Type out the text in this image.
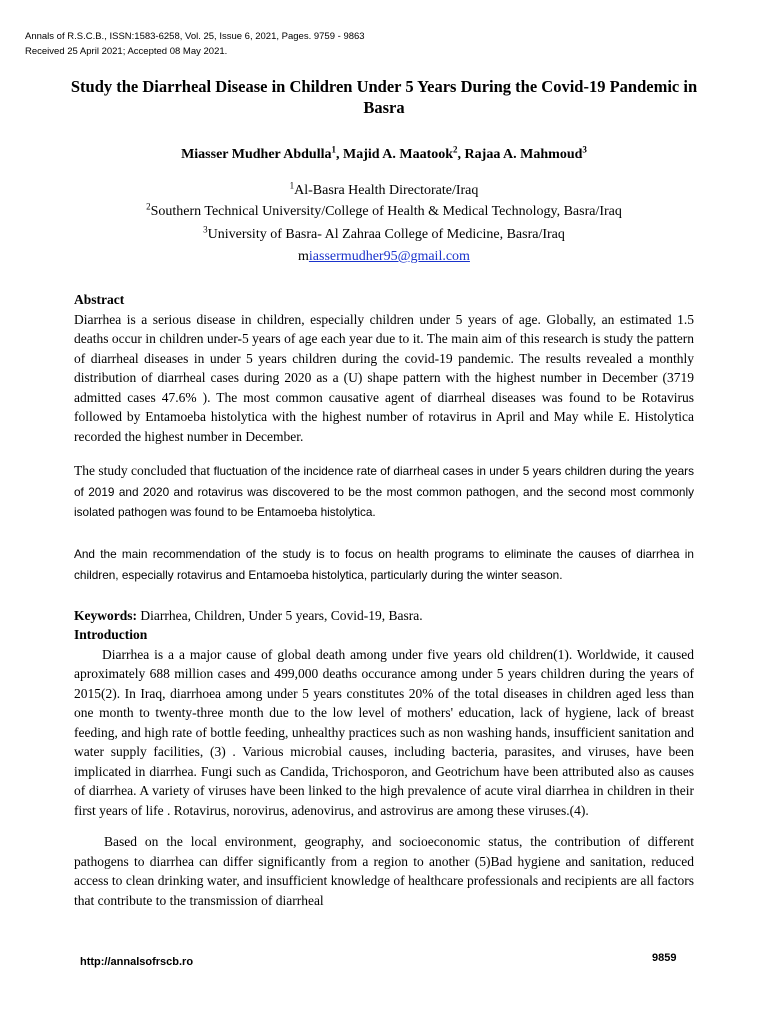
Annals of R.S.C.B., ISSN:1583-6258, Vol. 25, Issue 6, 2021, Pages. 9759 - 9863
Received 25 April 2021; Accepted 08 May 2021.
Study the Diarrheal Disease in Children Under 5 Years During the Covid-19 Pandemic in Basra
Miasser Mudher Abdulla$^1$, Majid A. Maatook$^2$, Rajaa A. Mahmoud$^3$
$^1$Al-Basra Health Directorate/Iraq
$^2$Southern Technical University/College of Health & Medical Technology, Basra/Iraq
$^3$University of Basra- Al Zahraa College of Medicine, Basra/Iraq
miassermudher95@gmail.com
Abstract

Diarrhea is a serious disease in children, especially children under 5 years of age. Globally, an estimated 1.5 deaths occur in children under-5 years of age each year due to it. The main aim of this research is study the pattern of diarrheal diseases in under 5 years children during the covid-19 pandemic. The results revealed a monthly distribution of diarrheal cases during 2020 as a (U) shape pattern with the highest number in December (3719 admitted cases 47.6% ). The most common causative agent of diarrheal diseases was found to be Rotavirus followed by Entamoeba histolytica with the highest number of rotavirus in April and May while E. Histolytica recorded the highest number in December.

The study concluded that fluctuation of the incidence rate of diarrheal cases in under 5 years children during the years of 2019 and 2020 and rotavirus was discovered to be the most common pathogen, and the second most commonly isolated pathogen was found to be Entamoeba histolytica.

And the main recommendation of the study is to focus on health programs to eliminate the causes of diarrhea in children, especially rotavirus and Entamoeba histolytica, particularly during the winter season.

Keywords: Diarrhea, Children, Under 5 years, Covid-19, Basra.
Introduction

Diarrhea is a a major cause of global death among under five years old children(1). Worldwide, it caused aproximately 688 million cases and 499,000 deaths occurance among under 5 years children during the years of 2015(2). In Iraq, diarrhoea among under 5 years constitutes 20% of the total diseases in children aged less than one month to twenty-three month due to the low level of mothers' education, lack of hygiene, lack of breast feeding, and high rate of bottle feeding, unhealthy practices such as non washing hands, insufficient sanitation and water supply facilities, (3) . Various microbial causes, including bacteria, parasites, and viruses, have been implicated in diarrhea. Fungi such as Candida, Trichosporon, and Geotrichum have been attributed also as causes of diarrhea. A variety of viruses have been linked to the high prevalence of acute viral diarrhea in children in their first years of life . Rotavirus, norovirus, adenovirus, and astrovirus are among these viruses.(4).

Based on the local environment, geography, and socioeconomic status, the contribution of different pathogens to diarrhea can differ significantly from a region to another (5)Bad hygiene and sanitation, reduced access to clean drinking water, and insufficient knowledge of healthcare professionals and recipients are all factors that contribute to the transmission of diarrheal

http://annalsofrscb.ro	9859
